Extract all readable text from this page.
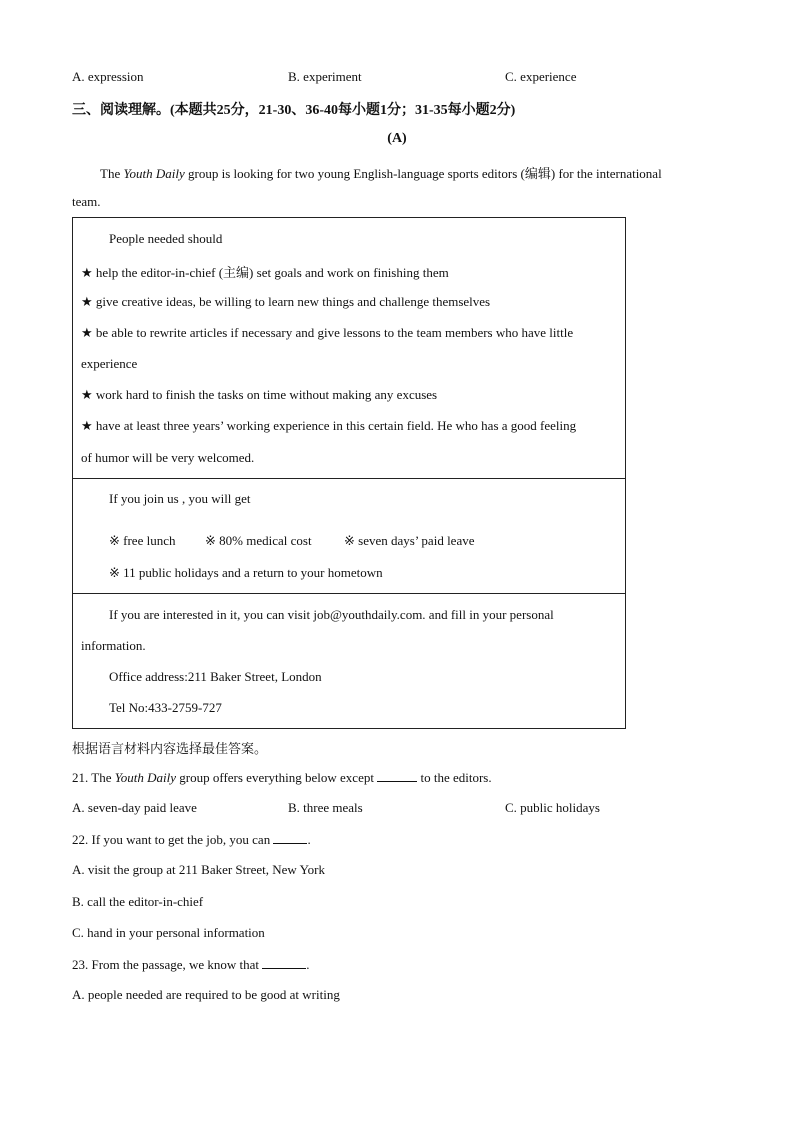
A. expression	B. experiment	C. experience
三、阅读理解。(本题共25分，21-30、36-40每小题1分；31-35每小题2分)
(A)
The Youth Daily group is looking for two young English-language sports editors (编辑) for the international
team.
People needed should
★ help the editor-in-chief (主编) set goals and work on finishing them
★ give creative ideas, be willing to learn new things and challenge themselves
★ be able to rewrite articles if necessary and give lessons to the team members who have little
experience
★ work hard to finish the tasks on time without making any excuses
★ have at least three years’ working experience in this certain field. He who has a good feeling
of humor will be very welcomed.
If you join us , you will get
※ free lunch ※ 80% medical cost ※ seven days’ paid leave
※ 11 public holidays and a return to your hometown
If you are interested in it, you can visit job@youthdaily.com. and fill in your personal
information.
Office address:211 Baker Street, London
Tel No:433-2759-727
根据语言材料内容选择最佳答案。
21. The Youth Daily group offers everything below except	to the editors.
A. seven-day paid leave	B. three meals	C. public holidays
22. If you want to get the job, you can	.
A. visit the group at 211 Baker Street, New York
B. call the editor-in-chief
C. hand in your personal information
23. From the passage, we know that	.
A. people needed are required to be good at writing
